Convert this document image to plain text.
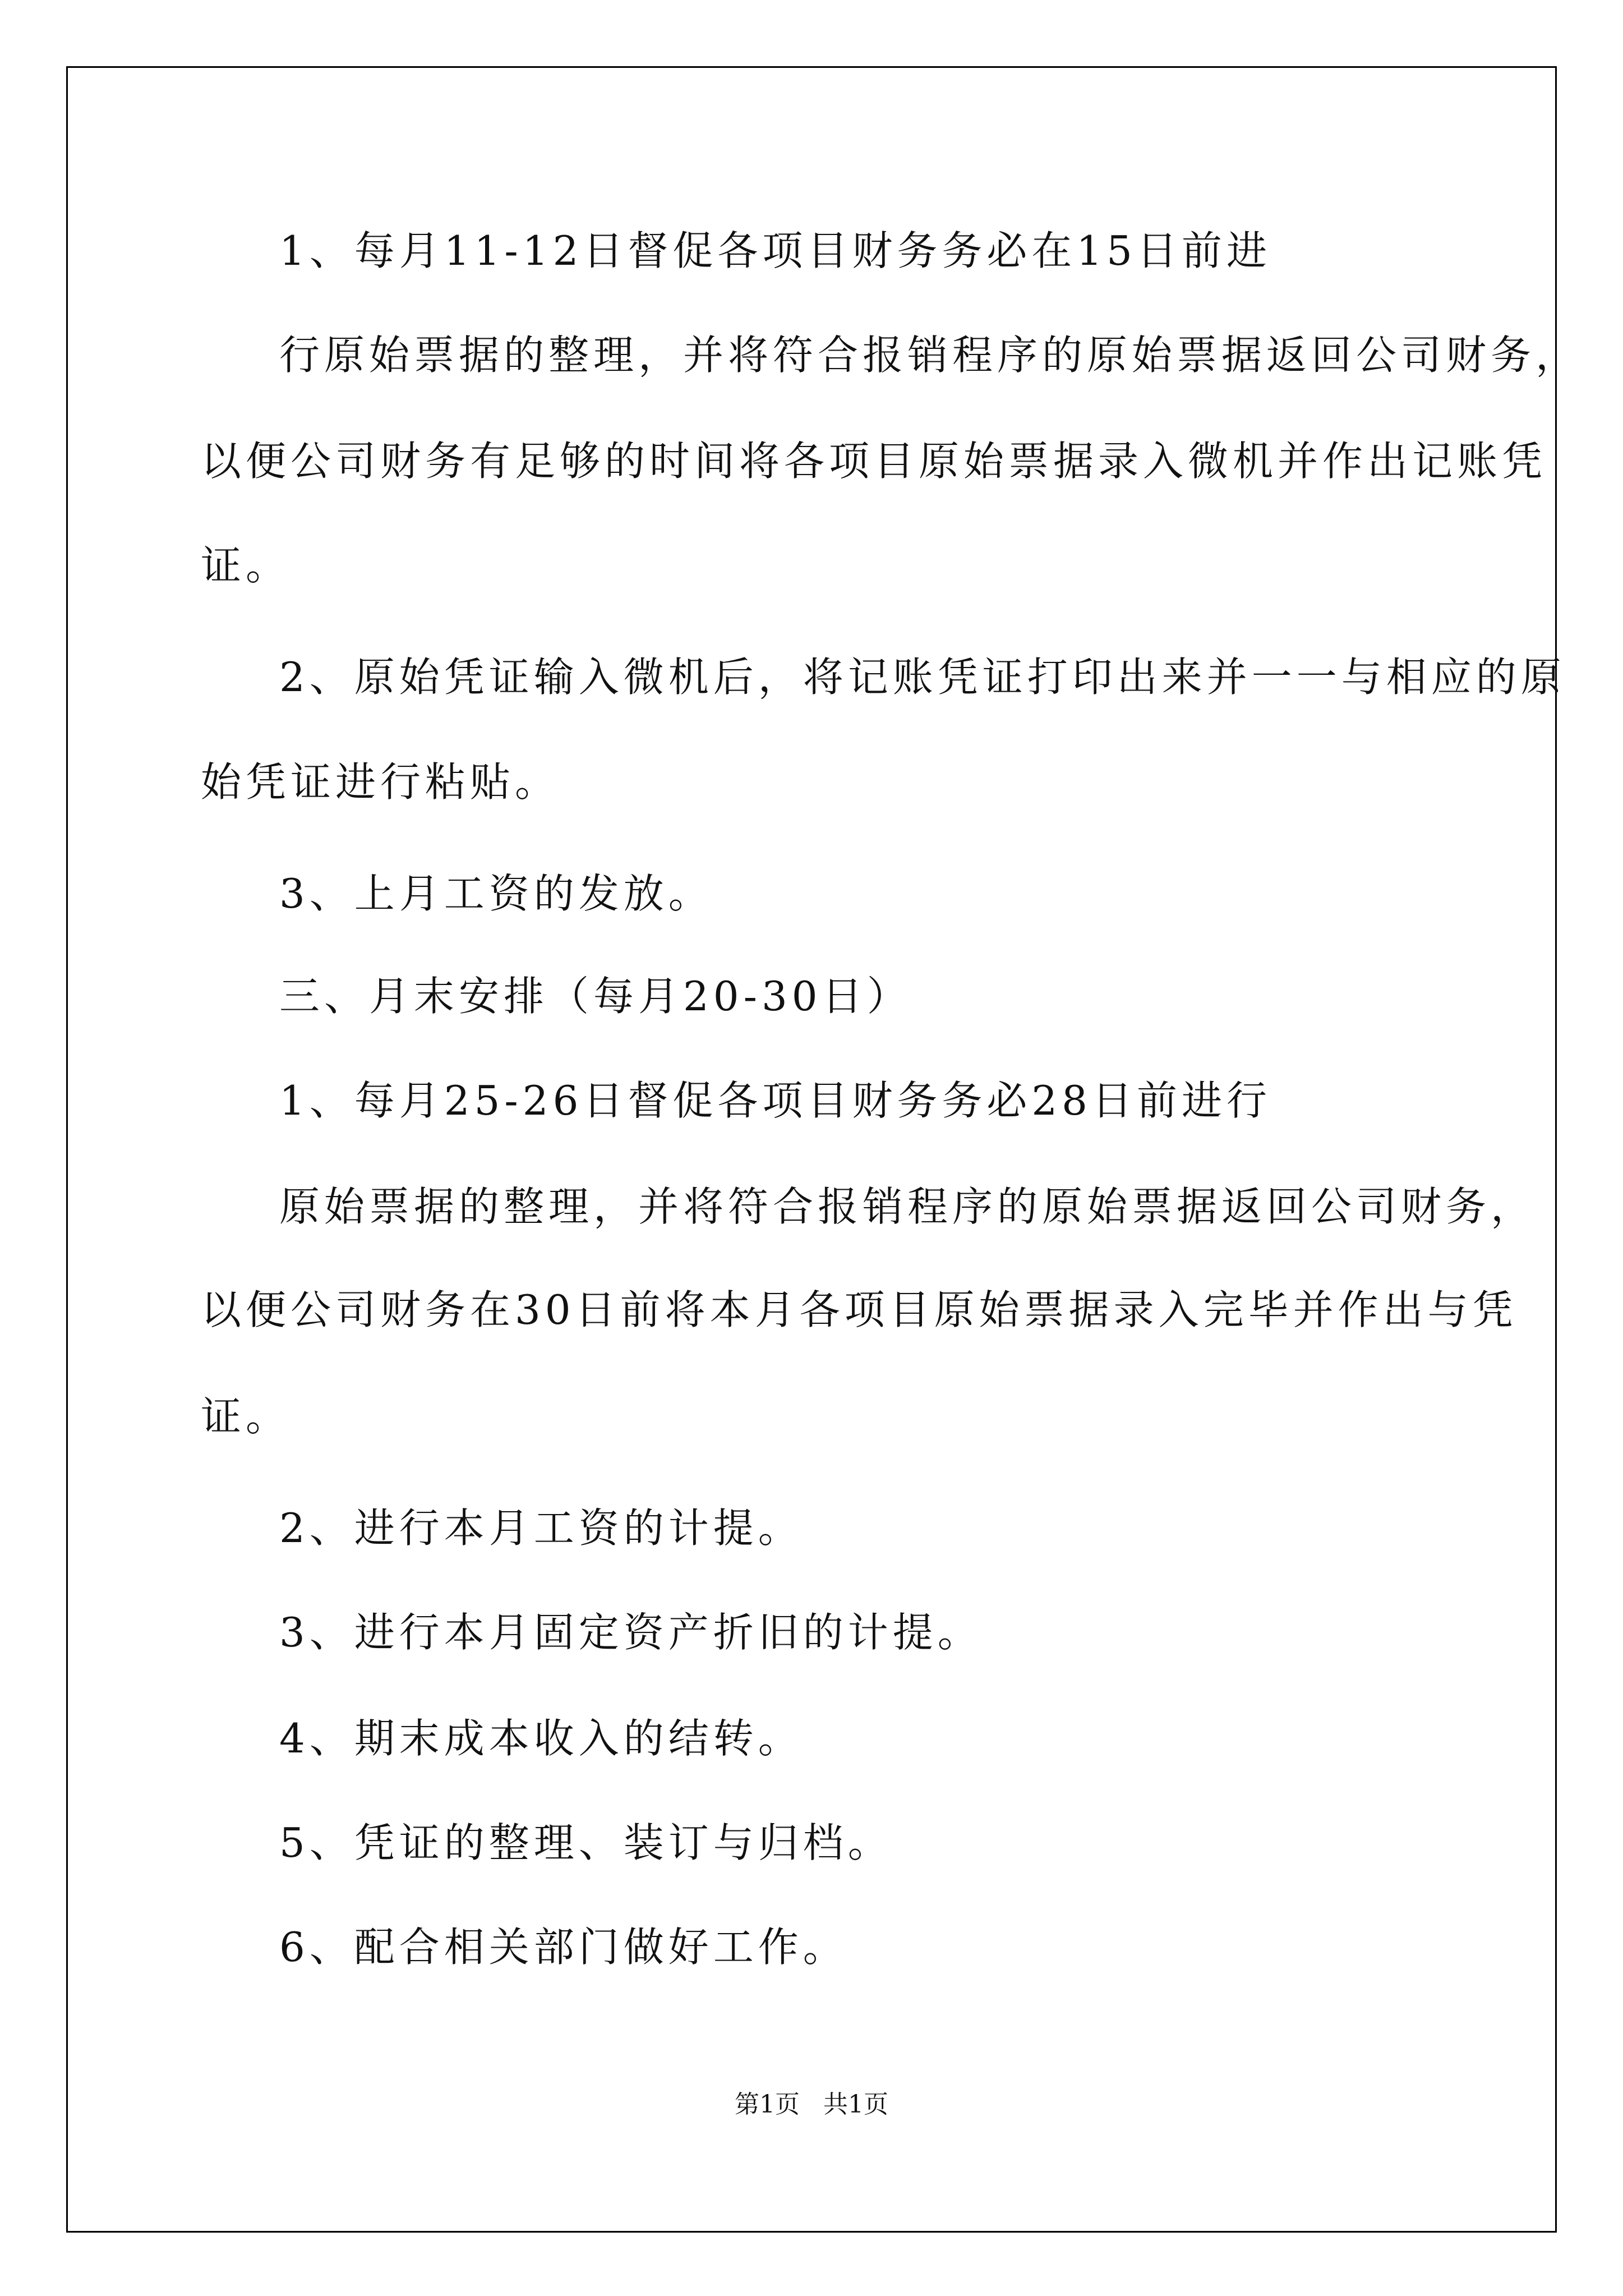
1、每月11-12日督促各项目财务务必在15日前进
行原始票据的整理，并将符合报销程序的原始票据返回公司财务，
以便公司财务有足够的时间将各项目原始票据录入微机并作出记账凭
证。
2、原始凭证输入微机后，将记账凭证打印出来并一一与相应的原
始凭证进行粘贴。
3、上月工资的发放。
三、月末安排（每月20-30日）
1、每月25-26日督促各项目财务务必28日前进行
原始票据的整理，并将符合报销程序的原始票据返回公司财务，
以便公司财务在30日前将本月各项目原始票据录入完毕并作出与凭
证。
2、进行本月工资的计提。
3、进行本月固定资产折旧的计提。
4、期末成本收入的结转。
5、凭证的整理、装订与归档。
6、配合相关部门做好工作。
第1页   共1页
